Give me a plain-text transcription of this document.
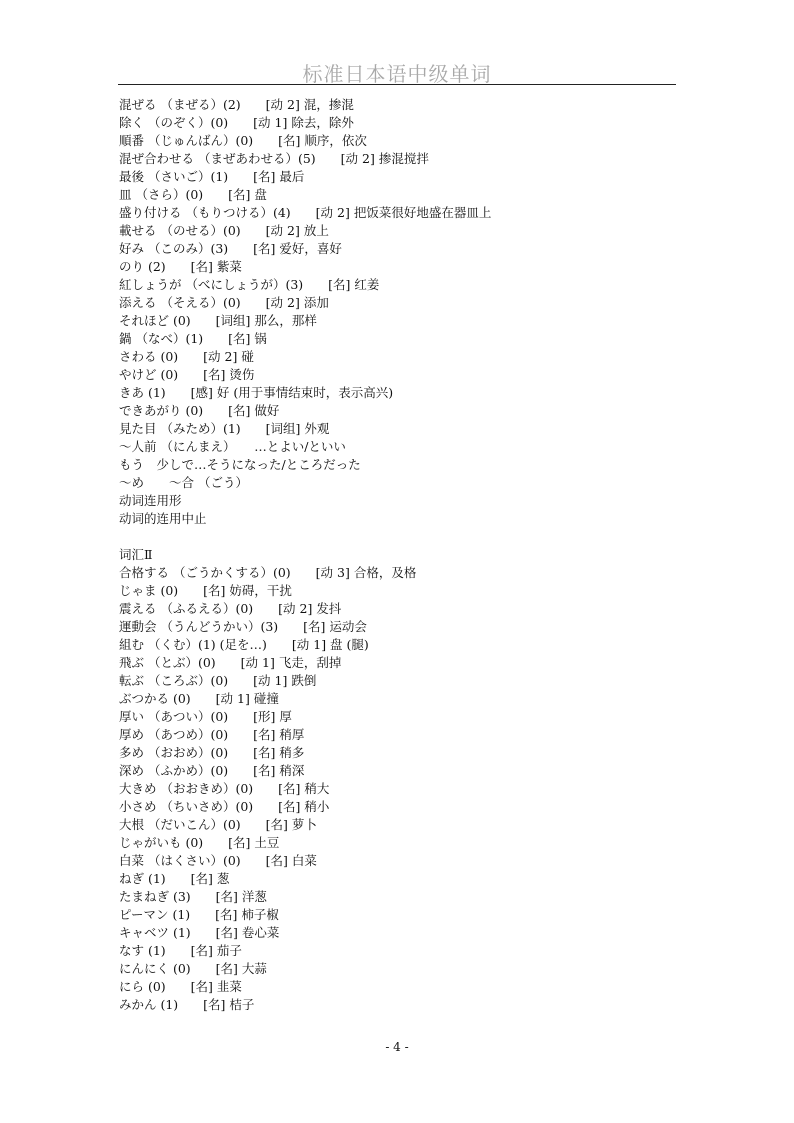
标准日本语中级单词
混ぜる （まぜる）(2)　　[动 2] 混，掺混
除く （のぞく）(0)　　[动 1] 除去，除外
順番 （じゅんばん）(0)　　[名] 顺序，依次
混ぜ合わせる （まぜあわせる）(5)　　[动 2] 掺混搅拌
最後 （さいご）(1)　　[名] 最后
皿 （さら）(0)　　[名] 盘
盛り付ける （もりつける）(4)　　[动 2] 把饭菜很好地盛在器皿上
載せる （のせる）(0)　　[动 2] 放上
好み （このみ）(3)　　[名] 爱好，喜好
のり (2)　　[名] 紫菜
紅しょうが （べにしょうが）(3)　　[名] 红姜
添える （そえる）(0)　　[动 2] 添加
それほど (0)　　[词组] 那么，那样
鍋 （なべ）(1)　　[名] 锅
さわる (0)　　[动 2] 碰
やけど (0)　　[名] 烫伤
きあ (1)　　[感] 好 (用于事情结束时，表示高兴)
できあがり (0)　　[名] 做好
見た目 （みため）(1)　　[词组] 外观
～人前 （にんまえ）　　…とよい/といい
もう　少しで…そうになった/ところだった
～め　　～合 （ごう）
动词连用形
动词的连用中止
词汇Ⅱ
合格する （ごうかくする）(0)　　[动 3] 合格，及格
じゃま (0)　　[名] 妨碍，干扰
震える （ふるえる）(0)　　[动 2] 发抖
運動会 （うんどうかい）(3)　　[名] 运动会
組む （くむ）(1) (足を…)　　[动 1] 盘 (腿)
飛ぶ （とぶ）(0)　　[动 1] 飞走，刮掉
転ぶ （ころぶ）(0)　　[动 1] 跌倒
ぶつかる (0)　　[动 1] 碰撞
厚い （あつい）(0)　　[形] 厚
厚め （あつめ）(0)　　[名] 稍厚
多め （おおめ）(0)　　[名] 稍多
深め （ふかめ）(0)　　[名] 稍深
大きめ （おおきめ）(0)　　[名] 稍大
小さめ （ちいさめ）(0)　　[名] 稍小
大根 （だいこん）(0)　　[名] 萝卜
じゃがいも (0)　　[名] 土豆
白菜 （はくさい）(0)　　[名] 白菜
ねぎ (1)　　[名] 葱
たまねぎ (3)　　[名] 洋葱
ピーマン (1)　　[名] 柿子椒
キャベツ (1)　　[名] 卷心菜
なす (1)　　[名] 茄子
にんにく (0)　　[名] 大蒜
にら (0)　　[名] 韭菜
みかん (1)　　[名] 桔子
- 4 -
